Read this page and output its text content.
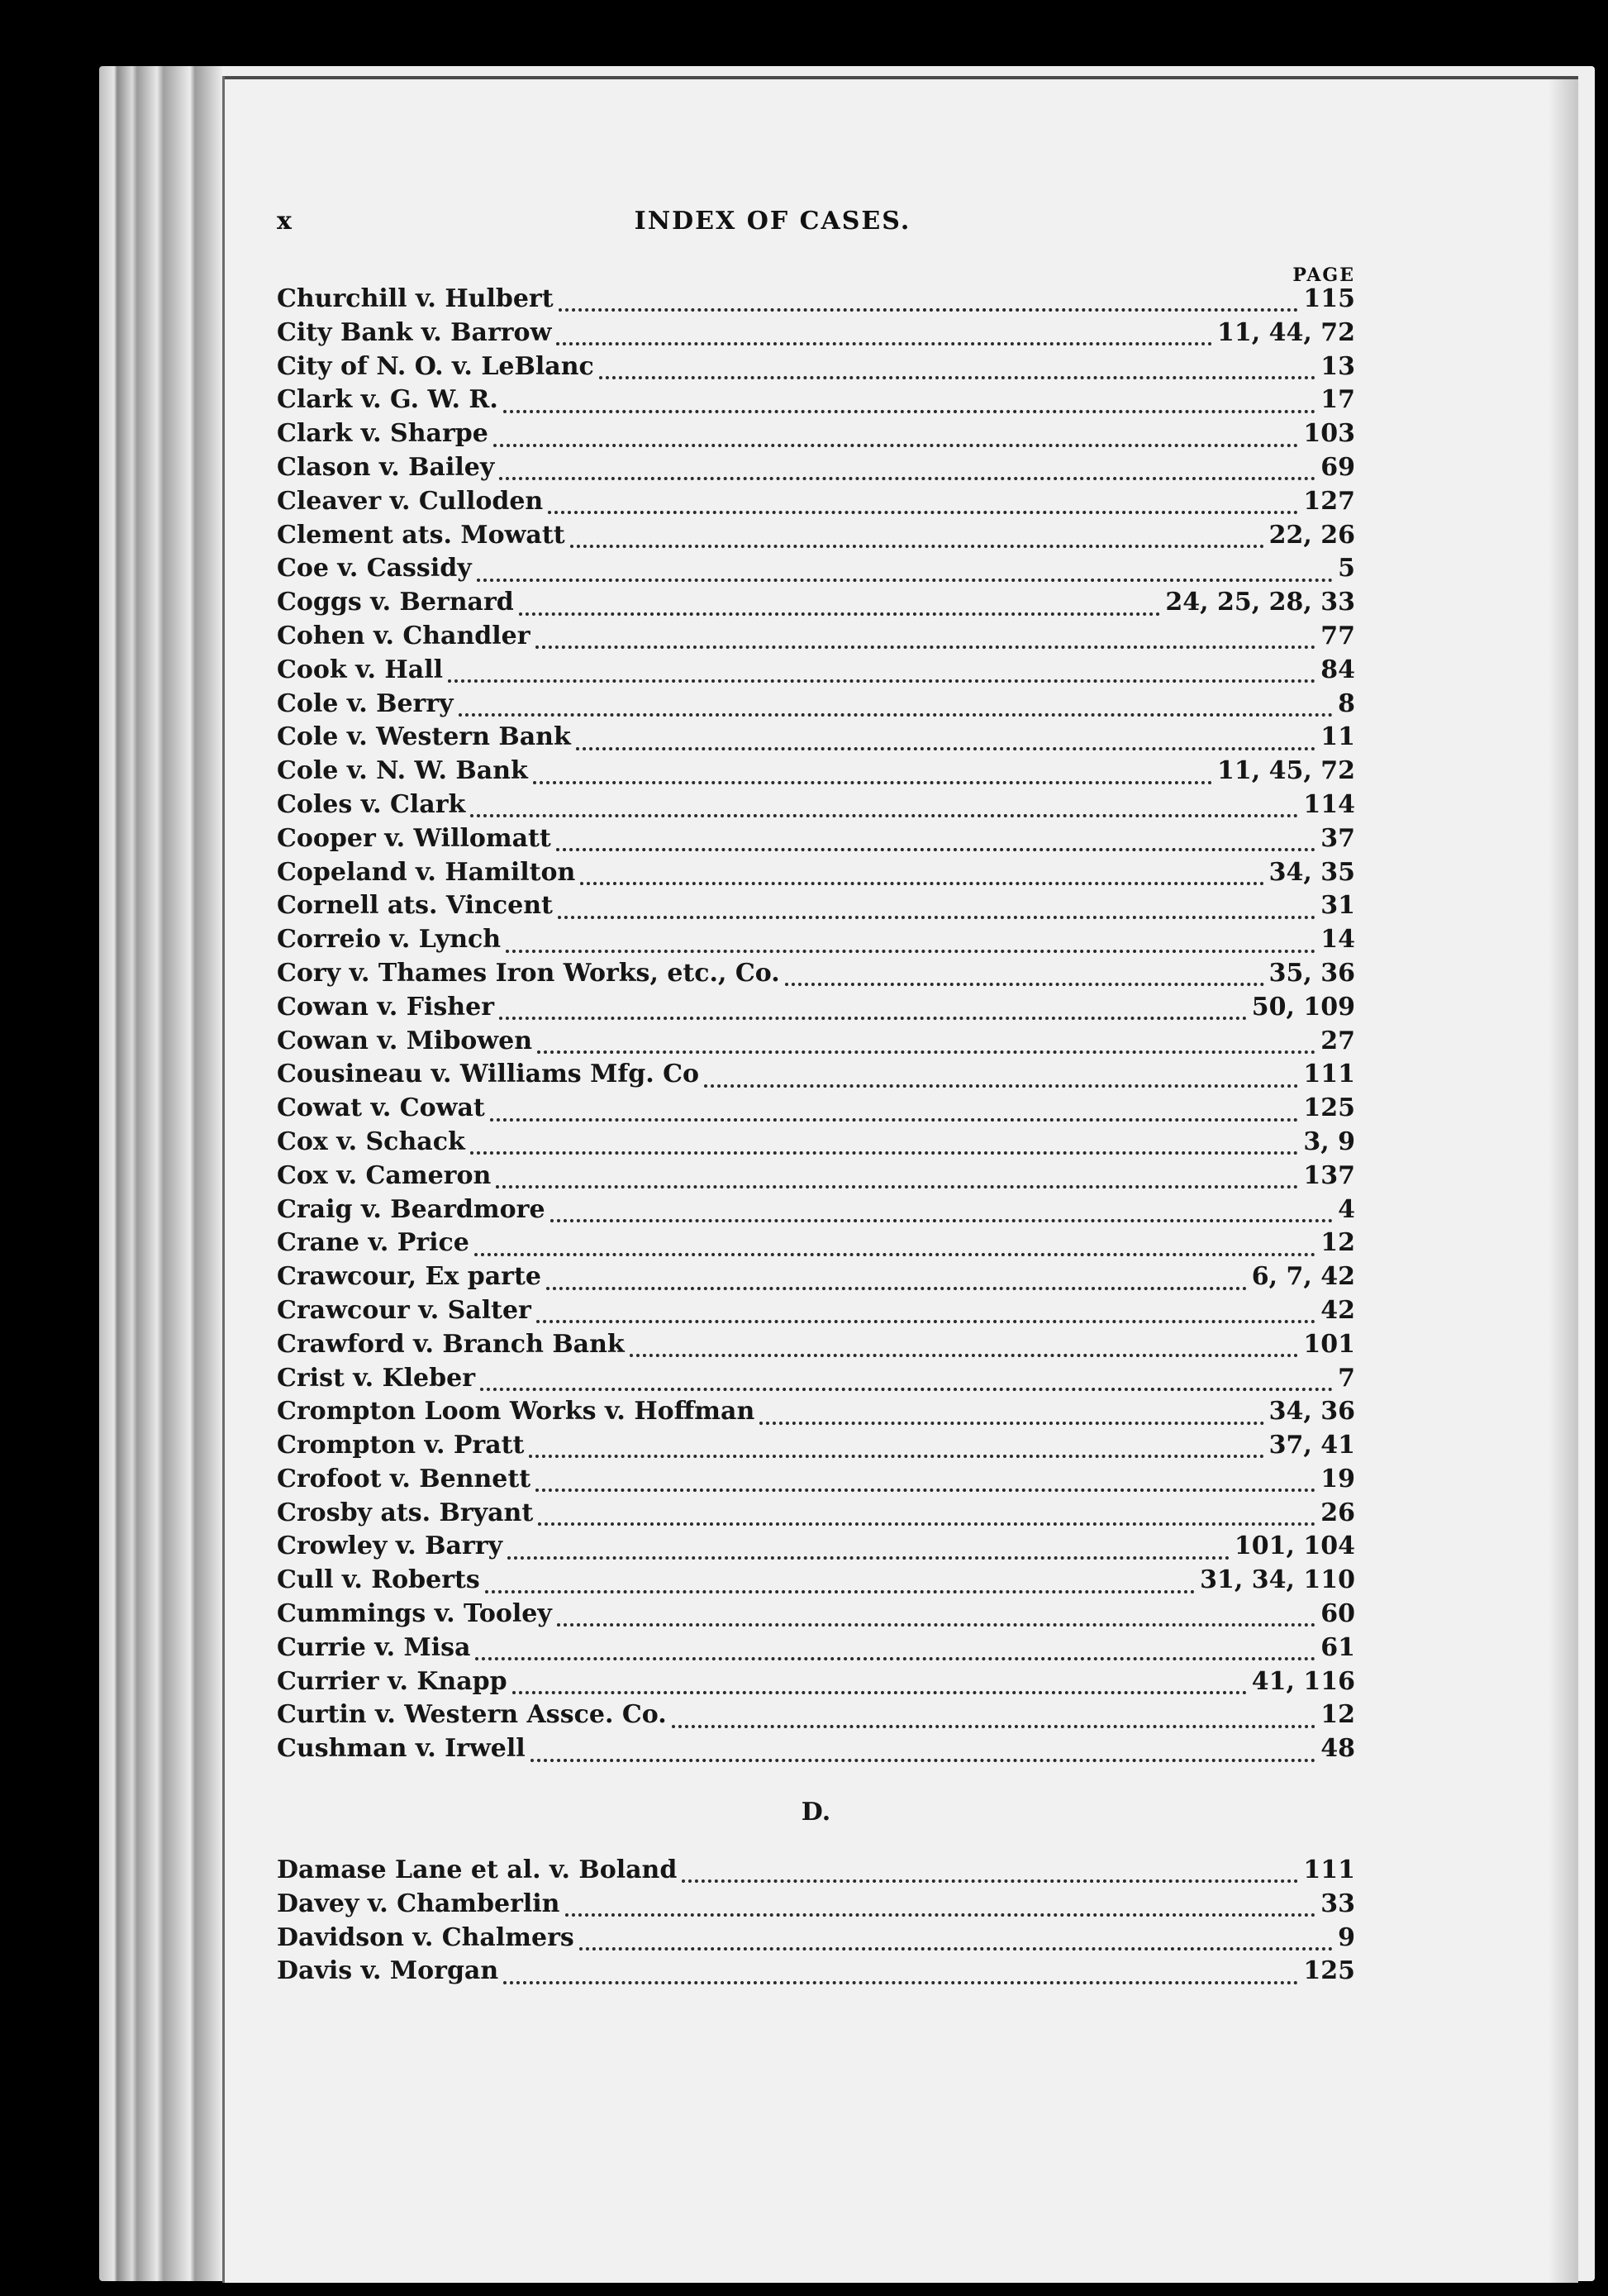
x	INDEX OF CASES.
PAGE
Churchill v. Hulbert	115
City Bank v. Barrow	11, 44, 72
City of N. O. v. LeBlanc	13
Clark v. G. W. R.	17
Clark v. Sharpe	103
Clason v. Bailey	69
Cleaver v. Culloden	127
Clement ats. Mowatt	22, 26
Coe v. Cassidy	5
Coggs v. Bernard	24, 25, 28, 33
Cohen v. Chandler	77
Cook v. Hall	84
Cole v. Berry	8
Cole v. Western Bank	11
Cole v. N. W. Bank	11, 45, 72
Coles v. Clark	114
Cooper v. Willomatt	37
Copeland v. Hamilton	34, 35
Cornell ats. Vincent	31
Correio v. Lynch	14
Cory v. Thames Iron Works, etc., Co.	35, 36
Cowan v. Fisher	50, 109
Cowan v. Mibowen	27
Cousineau v. Williams Mfg. Co	111
Cowat v. Cowat	125
Cox v. Schack	3, 9
Cox v. Cameron	137
Craig v. Beardmore	4
Crane v. Price	12
Crawcour, Ex parte	6, 7, 42
Crawcour v. Salter	42
Crawford v. Branch Bank	101
Crist v. Kleber	7
Crompton Loom Works v. Hoffman	34, 36
Crompton v. Pratt	37, 41
Crofoot v. Bennett	19
Crosby ats. Bryant	26
Crowley v. Barry	101, 104
Cull v. Roberts	31, 34, 110
Cummings v. Tooley	60
Currie v. Misa	61
Currier v. Knapp	41, 116
Curtin v. Western Assce. Co.	12
Cushman v. Irwell	48
D.
Damase Lane et al. v. Boland	111
Davey v. Chamberlin	33
Davidson v. Chalmers	9
Davis v. Morgan	125
